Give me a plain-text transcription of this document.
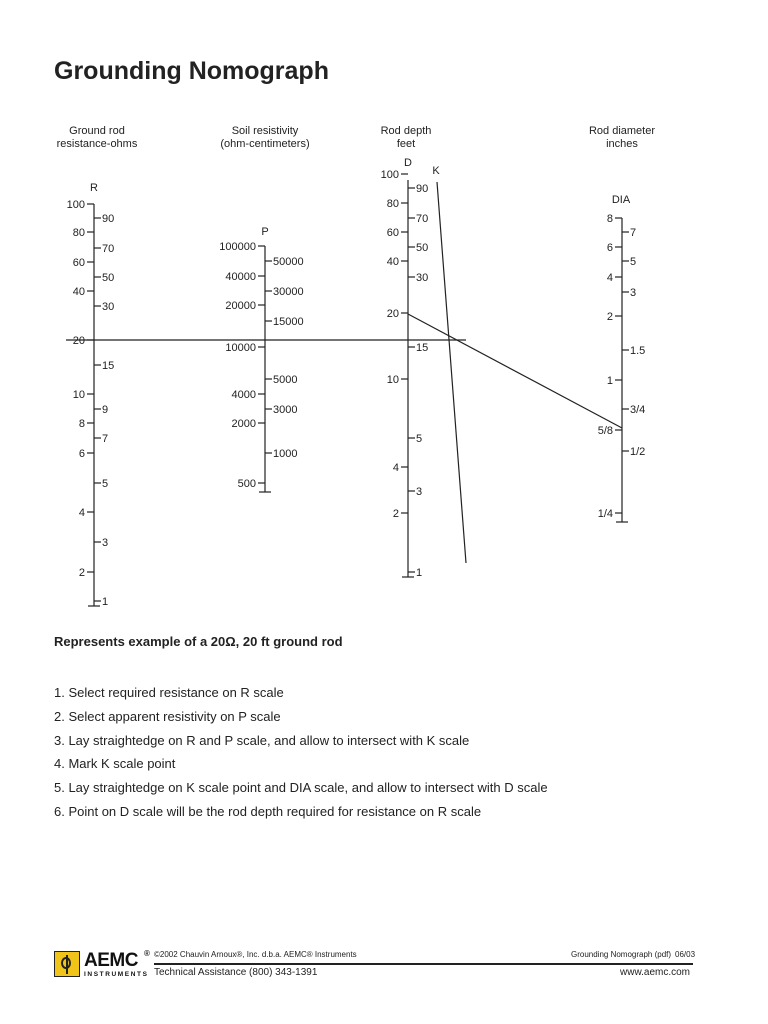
Grounding Nomograph
Ground rod
resistance-ohms
Soil resistivity
(ohm-centimeters)
Rod depth
feet
Rod diameter
inches
R
P
D
K
DIA
100
80
60
40
20
10
8
6
4
2
90
70
50
30
15
9
7
5
3
1
100000
40000
20000
10000
4000
2000
500
50000
30000
15000
5000
3000
1000
100
80
60
40
20
10
4
2
90
70
50
30
15
5
3
1
8
6
4
2
1
5/8
1/4
7
5
3
1.5
3/4
1/2

Represents example of a 20Ω, 20 ft ground rod

1. Select required resistance on R scale
2. Select apparent resistivity on P scale
3. Lay straightedge on R and P scale, and allow to intersect with K scale
4. Mark K scale point
5. Lay straightedge on K scale point and DIA scale, and allow to intersect with D scale
6. Point on D scale will be the rod depth required for resistance on R scale
AEMC
INSTRUMENTS
® ©2002 Chauvin Arnoux®, Inc. d.b.a. AEMC® Instruments	Grounding Nomograph (pdf) 06/03
Technical Assistance (800) 343-1391	www.aemc.com
